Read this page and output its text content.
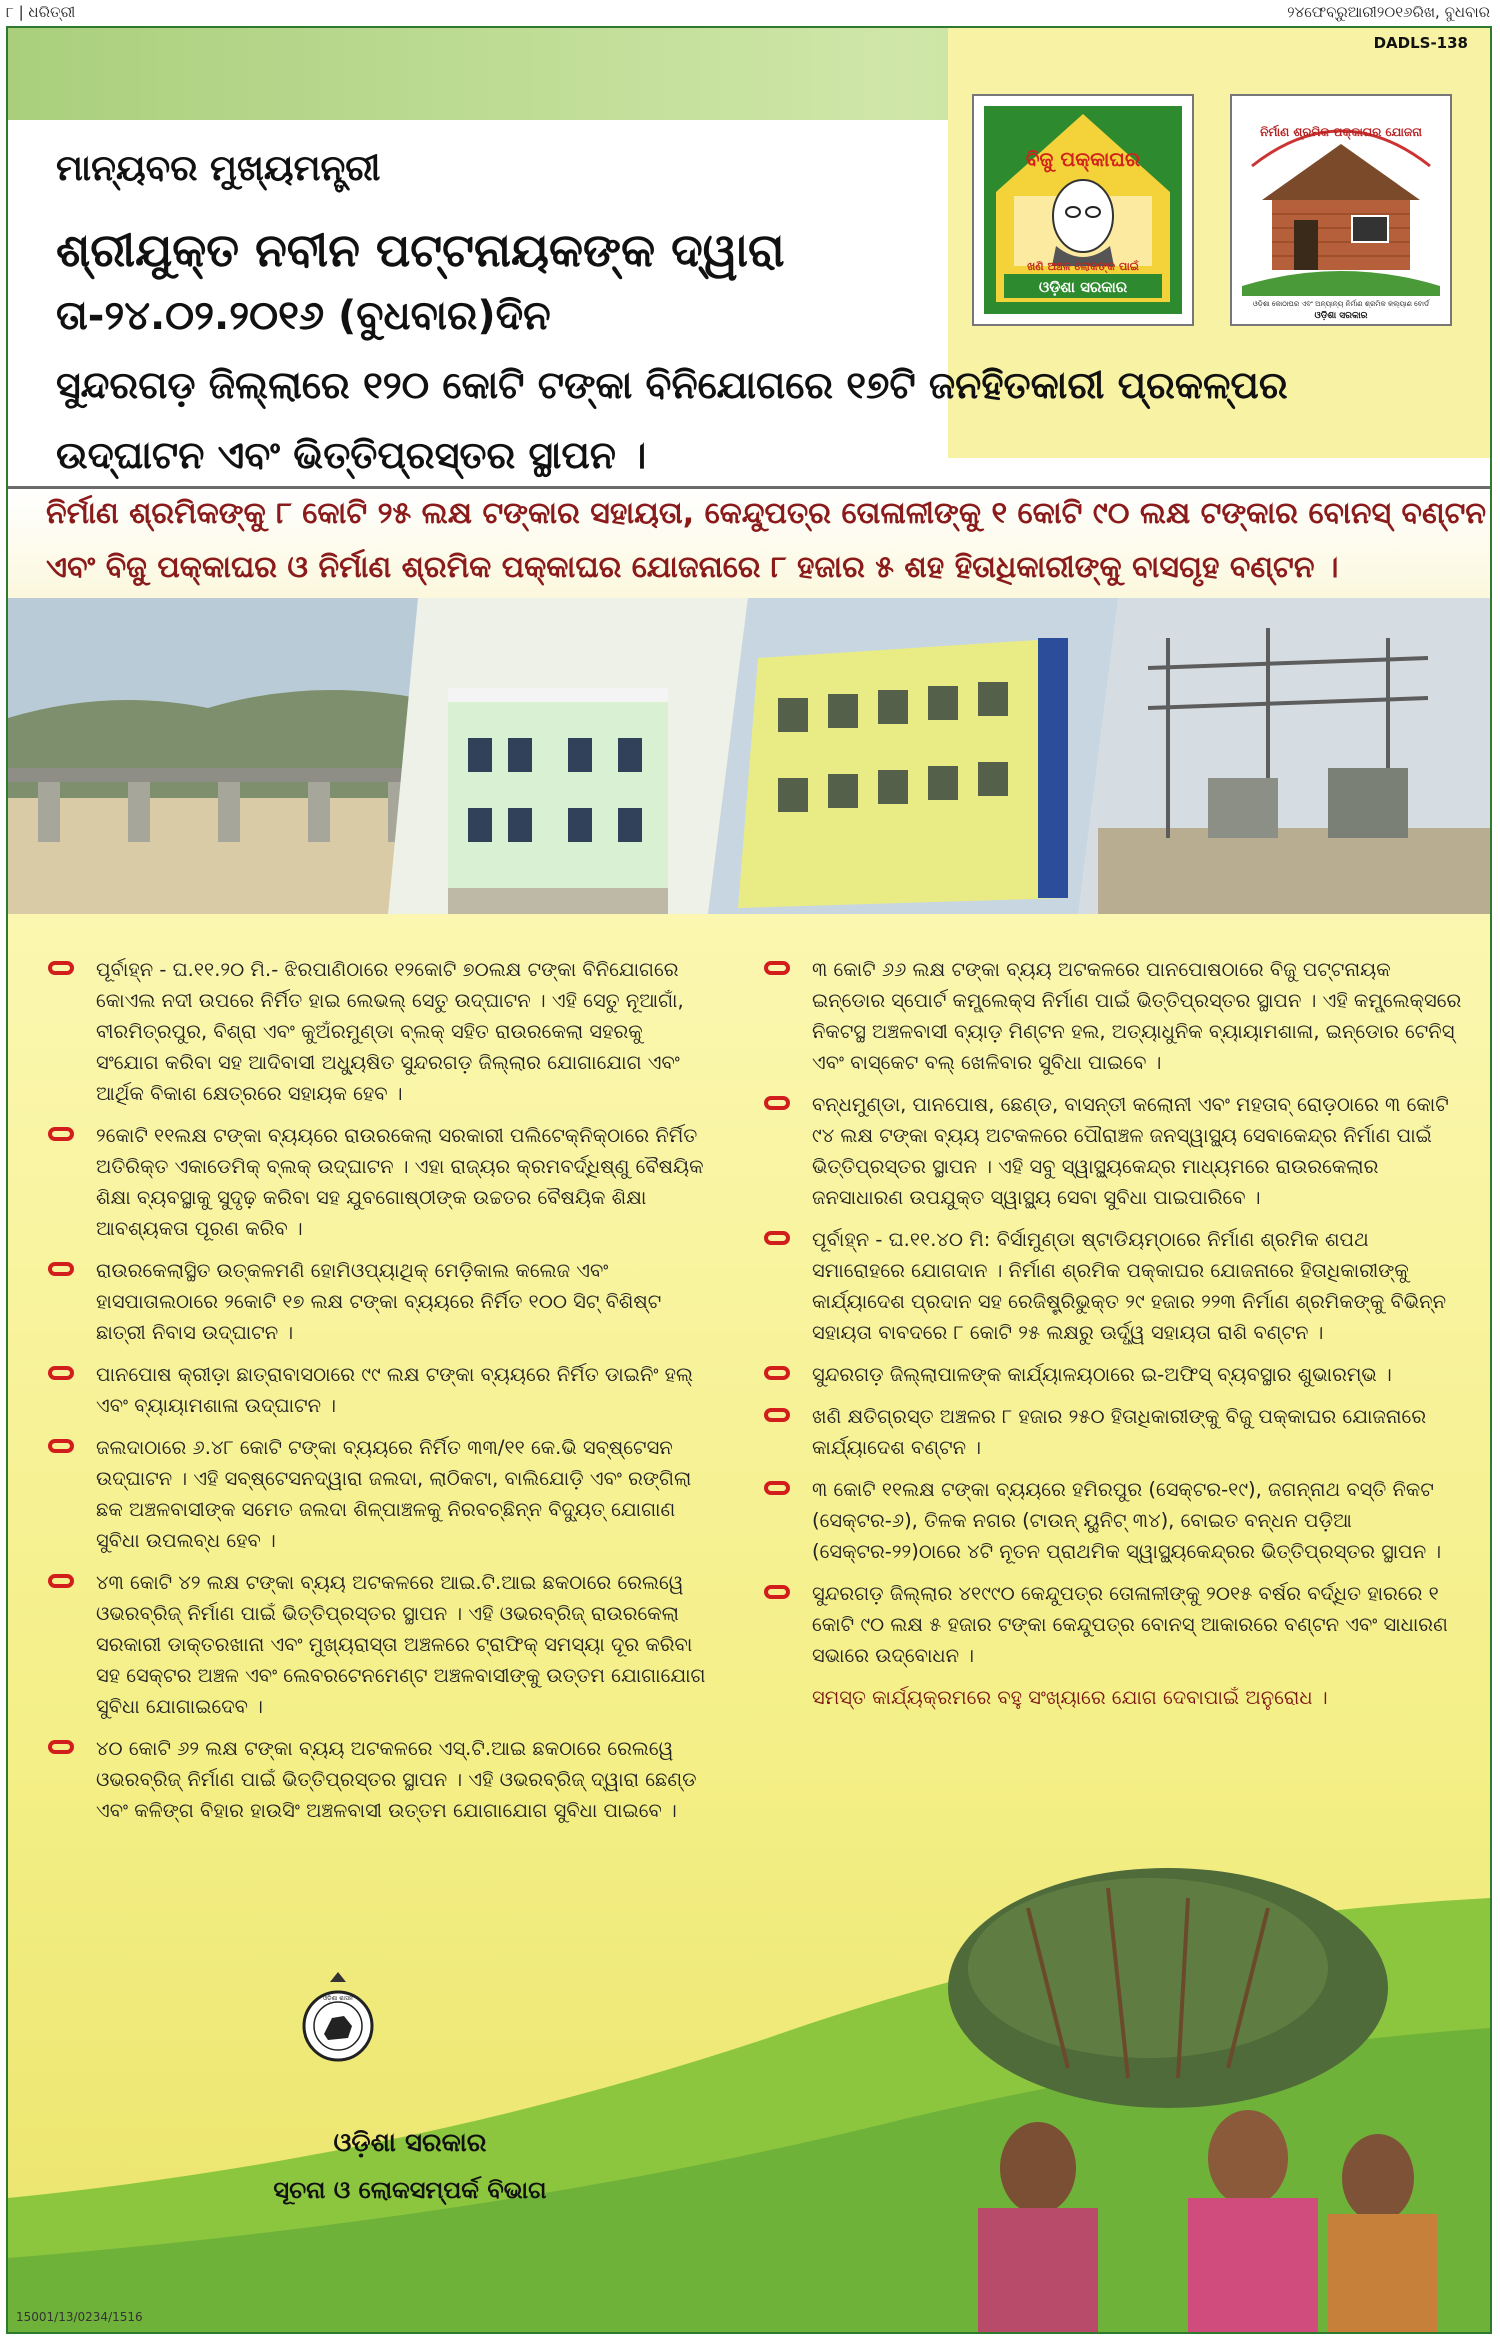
୮ | ଧରିତ୍ରୀ	୨୪ଫେବ୍ରୁଆରୀ୨୦୧୬ରିଖ, ବୁଧବାର
DADLS-138
ମାନ୍ୟବର ମୁଖ୍ୟମନ୍ତ୍ରୀ
ଶ୍ରୀଯୁକ୍ତ ନବୀନ ପଟ୍ଟନାୟକଙ୍କ ଦ୍ୱାରା
ତା-୨୪.୦୨.୨୦୧୬ (ବୁଧବାର)ଦିନ
ସୁନ୍ଦରଗଡ଼ ଜିଲ୍ଲାରେ ୧୨୦ କୋଟି ଟଙ୍କା ବିନିଯୋଗରେ ୧୭ଟି ଜନହିତକାରୀ ପ୍ରକଳ୍ପର
ଉଦ୍‌ଘାଟନ ଏବଂ ଭିତ୍ତିପ୍ରସ୍ତର ସ୍ଥାପନ ।
ବିଜୁ ପକ୍କାଘର
ଖଣି ଅଞ୍ଚଳ ଲୋକଙ୍କ ପାଇଁ
ଓଡ଼ିଶା ସରକାର
ନିର୍ମାଣ ଶ୍ରମିକ ପକ୍କାଘର ଯୋଜନା
ଓଡ଼ିଶା କୋଠାଘର ଏବଂ ଅନ୍ୟାନ୍ୟ ନିର୍ମାଣ ଶ୍ରମିକ କଲ୍ୟାଣ ବୋର୍ଡ
ଓଡ଼ିଶା ସରକାର
ନିର୍ମାଣ ଶ୍ରମିକଙ୍କୁ ୮ କୋଟି ୨୫ ଲକ୍ଷ ଟଙ୍କାର ସହାୟତା, କେନ୍ଦୁପତ୍ର ତୋଳାଳୀଙ୍କୁ ୧ କୋଟି ୯୦ ଲକ୍ଷ ଟଙ୍କାର ବୋନସ୍ ବଣ୍ଟନ
ଏବଂ ବିଜୁ ପକ୍କାଘର ଓ ନିର୍ମାଣ ଶ୍ରମିକ ପକ୍କାଘର ଯୋଜନାରେ ୮ ହଜାର ୫ ଶହ ହିତାଧିକାରୀଙ୍କୁ ବାସଗୃହ ବଣ୍ଟନ ।
ପୂର୍ବାହ୍ନ - ଘ.୧୧.୨୦ ମି.- ଝିରପାଣିଠାରେ ୧୨କୋଟି ୭୦ଲକ୍ଷ ଟଙ୍କା ବିନିଯୋଗରେ କୋଏଲ ନଦୀ ଉପରେ ନିର୍ମିତ ହାଇ ଲେଭଲ୍ ସେତୁ ଉଦ୍‌ଘାଟନ । ଏହି ସେତୁ ନୂଆଗାଁ, ବୀରମିତ୍ରପୁର, ବିଶ୍ରା ଏବଂ କୁଅଁରମୁଣ୍ଡା ବ୍ଲକ୍ ସହିତ ରାଉରକେଲା ସହରକୁ ସଂଯୋଗ କରିବା ସହ ଆଦିବାସୀ ଅଧ୍ୟୁଷିତ ସୁନ୍ଦରଗଡ଼ ଜିଲ୍ଲାର ଯୋଗାଯୋଗ ଏବଂ ଆର୍ଥିକ ବିକାଶ କ୍ଷେତ୍ରରେ ସହାୟକ ହେବ ।
୨କୋଟି ୧୧ଲକ୍ଷ ଟଙ୍କା ବ୍ୟୟରେ ରାଉରକେଲା ସରକାରୀ ପଲିଟେକ୍‌ନିକ୍‌ଠାରେ ନିର୍ମିତ ଅତିରିକ୍ତ ଏକାଡେମିକ୍ ବ୍ଲକ୍ ଉଦ୍‌ଘାଟନ । ଏହା ରାଜ୍ୟର କ୍ରମବର୍ଦ୍ଧିଷ୍ଣୁ ବୈଷୟିକ ଶିକ୍ଷା ବ୍ୟବସ୍ଥାକୁ ସୁଦୃଢ଼ କରିବା ସହ ଯୁବଗୋଷ୍ଠୀଙ୍କ ଉଚ୍ଚତର ବୈଷୟିକ ଶିକ୍ଷା ଆବଶ୍ୟକତା ପୂରଣ କରିବ ।
ରାଉରକେଲାସ୍ଥିତ ଉତ୍କଳମଣି ହୋମିଓପ୍ୟାଥିକ୍ ମେଡ଼ିକାଲ କଲେଜ ଏବଂ ହାସପାତାଲଠାରେ ୨କୋଟି ୧୭ ଲକ୍ଷ ଟଙ୍କା ବ୍ୟୟରେ ନିର୍ମିତ ୧୦୦ ସିଟ୍ ବିଶିଷ୍ଟ ଛାତ୍ରୀ ନିବାସ ଉଦ୍‌ଘାଟନ ।
ପାନପୋଷ କ୍ରୀଡ଼ା ଛାତ୍ରାବାସଠାରେ ୯୯ ଲକ୍ଷ ଟଙ୍କା ବ୍ୟୟରେ ନିର୍ମିତ ଡାଇନିଂ ହଲ୍ ଏବଂ ବ୍ୟାୟାମଶାଳା ଉଦ୍‌ଘାଟନ ।
ଜଲଦାଠାରେ ୬.୪୮ କୋଟି ଟଙ୍କା ବ୍ୟୟରେ ନିର୍ମିତ ୩୩/୧୧ କେ.ଭି ସବ୍‌ଷ୍ଟେସନ ଉଦ୍‌ଘାଟନ । ଏହି ସବ୍‌ଷ୍ଟେସନଦ୍ୱାରା ଜଲଦା, ଲାଠିକଟା, ବାଲିଯୋଡ଼ି ଏବଂ ରଙ୍ଗିଲା ଛକ ଅଞ୍ଚଳବାସୀଙ୍କ ସମେତ ଜଲଦା ଶିଳ୍ପାଞ୍ଚଳକୁ ନିରବଚ୍ଛିନ୍ନ ବିଦ୍ୟୁତ୍ ଯୋଗାଣ ସୁବିଧା ଉପଲବ୍ଧ ହେବ ।
୪୩ କୋଟି ୪୨ ଲକ୍ଷ ଟଙ୍କା ବ୍ୟୟ ଅଟକଳରେ ଆଇ.ଟି.ଆଇ ଛକଠାରେ ରେଲୱେ ଓଭରବ୍ରିଜ୍ ନିର୍ମାଣ ପାଇଁ ଭିତ୍ତିପ୍ରସ୍ତର ସ୍ଥାପନ । ଏହି ଓଭରବ୍ରିଜ୍ ରାଉରକେଲା ସରକାରୀ ଡାକ୍ତରଖାନା ଏବଂ ମୁଖ୍ୟରାସ୍ତା ଅଞ୍ଚଳରେ ଟ୍ରାଫିକ୍ ସମସ୍ୟା ଦୂର କରିବା ସହ ସେକ୍ଟର ଅଞ୍ଚଳ ଏବଂ ଲେବରଟେନମେଣ୍ଟ ଅଞ୍ଚଳବାସୀଙ୍କୁ ଉତ୍ତମ ଯୋଗାଯୋଗ ସୁବିଧା ଯୋଗାଇଦେବ ।
୪୦ କୋଟି ୬୨ ଲକ୍ଷ ଟଙ୍କା ବ୍ୟୟ ଅଟକଳରେ ଏସ୍.ଟି.ଆଇ ଛକଠାରେ ରେଲୱେ ଓଭରବ୍ରିଜ୍ ନିର୍ମାଣ ପାଇଁ ଭିତ୍ତିପ୍ରସ୍ତର ସ୍ଥାପନ । ଏହି ଓଭରବ୍ରିଜ୍ ଦ୍ୱାରା ଛେଣ୍ଡ ଏବଂ କଳିଙ୍ଗ ବିହାର ହାଉସିଂ ଅଞ୍ଚଳବାସୀ ଉତ୍ତମ ଯୋଗାଯୋଗ ସୁବିଧା ପାଇବେ ।
୩ କୋଟି ୬୬ ଲକ୍ଷ ଟଙ୍କା ବ୍ୟୟ ଅଟକଳରେ ପାନପୋଷଠାରେ ବିଜୁ ପଟ୍ଟନାୟକ ଇନ୍‌ଡୋର ସ୍ପୋର୍ଟ କମ୍ପ୍ଲେକ୍ସ ନିର୍ମାଣ ପାଇଁ ଭିତ୍ତିପ୍ରସ୍ତର ସ୍ଥାପନ । ଏହି କମ୍ପ୍ଲେକ୍ସରେ ନିକଟସ୍ଥ ଅଞ୍ଚଳବାସୀ ବ୍ୟାଡ଼ ମିଣ୍ଟନ ହଲ, ଅତ୍ୟାଧୁନିକ ବ୍ୟାୟାମଶାଳା, ଇନ୍‌ଡୋର ଟେନିସ୍ ଏବଂ ବାସ୍କେଟ ବଲ୍ ଖେଳିବାର ସୁବିଧା ପାଇବେ ।
ବନ୍ଧମୁଣ୍ଡା, ପାନପୋଷ, ଛେଣ୍ଡ, ବାସନ୍ତୀ କଲୋନୀ ଏବଂ ମହତାବ୍ ରୋଡ଼ଠାରେ ୩ କୋଟି ୯୪ ଲକ୍ଷ ଟଙ୍କା ବ୍ୟୟ ଅଟକଳରେ ପୌରାଞ୍ଚଳ ଜନସ୍ୱାସ୍ଥ୍ୟ ସେବାକେନ୍ଦ୍ର ନିର୍ମାଣ ପାଇଁ ଭିତ୍ତିପ୍ରସ୍ତର ସ୍ଥାପନ । ଏହି ସବୁ ସ୍ୱାସ୍ଥ୍ୟକେନ୍ଦ୍ର ମାଧ୍ୟମରେ ରାଉରକେଲାର ଜନସାଧାରଣ ଉପଯୁକ୍ତ ସ୍ୱାସ୍ଥ୍ୟ ସେବା ସୁବିଧା ପାଇପାରିବେ ।
ପୂର୍ବାହ୍ନ - ଘ.୧୧.୪୦ ମି: ବିର୍ସାମୁଣ୍ଡା ଷ୍ଟାଡିୟମ୍‌ଠାରେ ନିର୍ମାଣ ଶ୍ରମିକ ଶପଥ ସମାରୋହରେ ଯୋଗଦାନ । ନିର୍ମାଣ ଶ୍ରମିକ ପକ୍କାଘର ଯୋଜନାରେ ହିତାଧିକାରୀଙ୍କୁ କାର୍ଯ୍ୟାଦେଶ ପ୍ରଦାନ ସହ ରେଜିଷ୍ଟ୍ରିଭୁକ୍ତ ୨୯ ହଜାର ୨୨୩ ନିର୍ମାଣ ଶ୍ରମିକଙ୍କୁ ବିଭିନ୍ନ ସହାୟତା ବାବଦରେ ୮ କୋଟି ୨୫ ଲକ୍ଷରୁ ଊର୍ଦ୍ଧ୍ୱ ସହାୟତା ରାଶି ବଣ୍ଟନ ।
ସୁନ୍ଦରଗଡ଼ ଜିଲ୍ଲାପାଳଙ୍କ କାର୍ଯ୍ୟାଳୟଠାରେ ଇ-ଅଫିସ୍ ବ୍ୟବସ୍ଥାର ଶୁଭାରମ୍ଭ ।
ଖଣି କ୍ଷତିଗ୍ରସ୍ତ ଅଞ୍ଚଳର ୮ ହଜାର ୨୫୦ ହିତାଧିକାରୀଙ୍କୁ ବିଜୁ ପକ୍କାଘର ଯୋଜନାରେ କାର୍ଯ୍ୟାଦେଶ ବଣ୍ଟନ ।
୩ କୋଟି ୧୧ଲକ୍ଷ ଟଙ୍କା ବ୍ୟୟରେ ହମିରପୁର (ସେକ୍ଟର-୧୯), ଜଗନ୍ନାଥ ବସ୍ତି ନିକଟ (ସେକ୍ଟର-୬), ତିଳକ ନଗର (ଟାଉନ୍ ୟୁନିଟ୍ ୩୪), ବୋଇତ ବନ୍ଧନ ପଡ଼ିଆ (ସେକ୍ଟର-୨୨)ଠାରେ ୪ଟି ନୂତନ ପ୍ରାଥମିକ ସ୍ୱାସ୍ଥ୍ୟକେନ୍ଦ୍ରର ଭିତ୍ତିପ୍ରସ୍ତର ସ୍ଥାପନ ।
ସୁନ୍ଦରଗଡ଼ ଜିଲ୍ଲାର ୪୧୯୯୦ କେନ୍ଦୁପତ୍ର ତୋଳାଳୀଙ୍କୁ ୨୦୧୫ ବର୍ଷର ବର୍ଦ୍ଧିତ ହାରରେ ୧ କୋଟି ୯୦ ଲକ୍ଷ ୫ ହଜାର ଟଙ୍କା କେନ୍ଦୁପତ୍ର ବୋନସ୍ ଆକାରରେ ବଣ୍ଟନ ଏବଂ ସାଧାରଣ ସଭାରେ ଉଦ୍‌ବୋଧନ ।
ସମସ୍ତ କାର୍ଯ୍ୟକ୍ରମରେ ବହୁ ସଂଖ୍ୟାରେ ଯୋଗ ଦେବାପାଇଁ ଅନୁରୋଧ ।
ଓଡ଼ିଶା ଶାସନ
ଓଡ଼ିଶା ସରକାର
ସୂଚନା ଓ ଲୋକସମ୍ପର୍କ ବିଭାଗ
15001/13/0234/1516
